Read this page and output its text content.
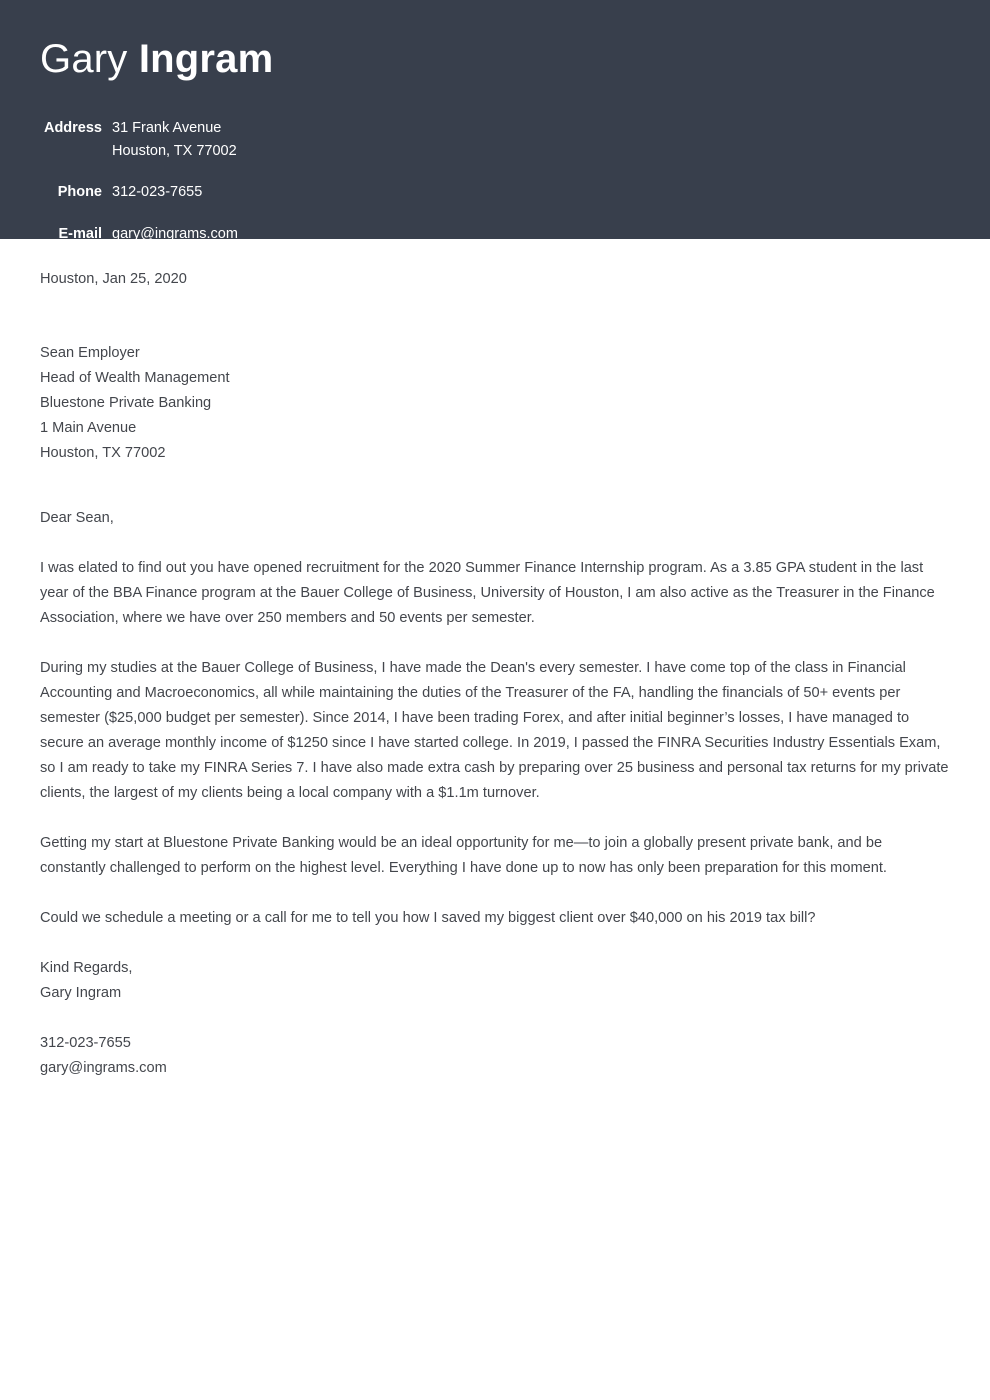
Gary Ingram
Address	31 Frank Avenue
	Houston, TX 77002

Phone	312-023-7655

E-mail	gary@ingrams.com

Houston, Jan 25, 2020

Sean Employer

Head of Wealth Management

Bluestone Private Banking

1 Main Avenue

Houston, TX 77002

Dear Sean,

I was elated to find out you have opened recruitment for the 2020 Summer Finance Internship program. As a 3.85 GPA student in the last year of the BBA Finance program at the Bauer College of Business, University of Houston, I am also active as the Treasurer in the Finance Association, where we have over 250 members and 50 events per semester.

During my studies at the Bauer College of Business, I have made the Dean's every semester. I have come top of the class in Financial Accounting and Macroeconomics, all while maintaining the duties of the Treasurer of the FA, handling the financials of 50+ events per semester ($25,000 budget per semester). Since 2014, I have been trading Forex, and after initial beginner’s losses, I have managed to secure an average monthly income of $1250 since I have started college. In 2019, I passed the FINRA Securities Industry Essentials Exam, so I am ready to take my FINRA Series 7. I have also made extra cash by preparing over 25 business and personal tax returns for my private clients, the largest of my clients being a local company with a $1.1m turnover.

Getting my start at Bluestone Private Banking would be an ideal opportunity for me—to join a globally present private bank, and be constantly challenged to perform on the highest level. Everything I have done up to now has only been preparation for this moment.

Could we schedule a meeting or a call for me to tell you how I saved my biggest client over $40,000 on his 2019 tax bill?

Kind Regards,

Gary Ingram

312-023-7655

gary@ingrams.com
